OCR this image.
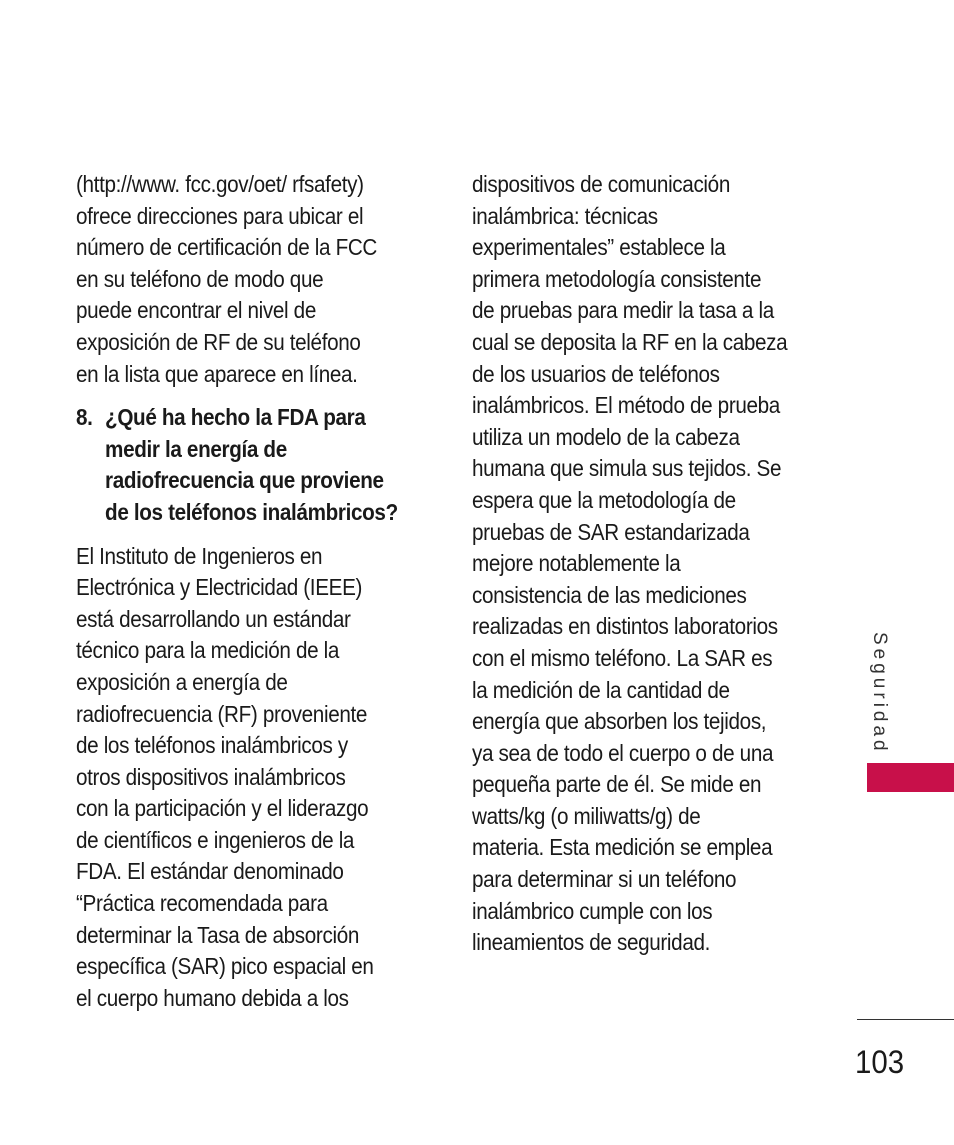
(http://www. fcc.gov/oet/ rfsafety)
ofrece direcciones para ubicar el
número de certificación de la FCC
en su teléfono de modo que
puede encontrar el nivel de
exposición de RF de su teléfono
en la lista que aparece en línea.

8. ¿Qué ha hecho la FDA para
medir la energía de
radiofrecuencia que proviene
de los teléfonos inalámbricos?

El Instituto de Ingenieros en
Electrónica y Electricidad (IEEE)
está desarrollando un estándar
técnico para la medición de la
exposición a energía de
radiofrecuencia (RF) proveniente
de los teléfonos inalámbricos y
otros dispositivos inalámbricos
con la participación y el liderazgo
de científicos e ingenieros de la
FDA. El estándar denominado
“Práctica recomendada para
determinar la Tasa de absorción
específica (SAR) pico espacial en
el cuerpo humano debida a los

dispositivos de comunicación
inalámbrica: técnicas
experimentales” establece la
primera metodología consistente
de pruebas para medir la tasa a la
cual se deposita la RF en la cabeza
de los usuarios de teléfonos
inalámbricos. El método de prueba
utiliza un modelo de la cabeza
humana que simula sus tejidos. Se
espera que la metodología de
pruebas de SAR estandarizada
mejore notablemente la
consistencia de las mediciones
realizadas en distintos laboratorios
con el mismo teléfono. La SAR es
la medición de la cantidad de
energía que absorben los tejidos,
ya sea de todo el cuerpo o de una
pequeña parte de él. Se mide en
watts/kg (o miliwatts/g) de
materia. Esta medición se emplea
para determinar si un teléfono
inalámbrico cumple con los
lineamientos de seguridad.

Seguridad
103
